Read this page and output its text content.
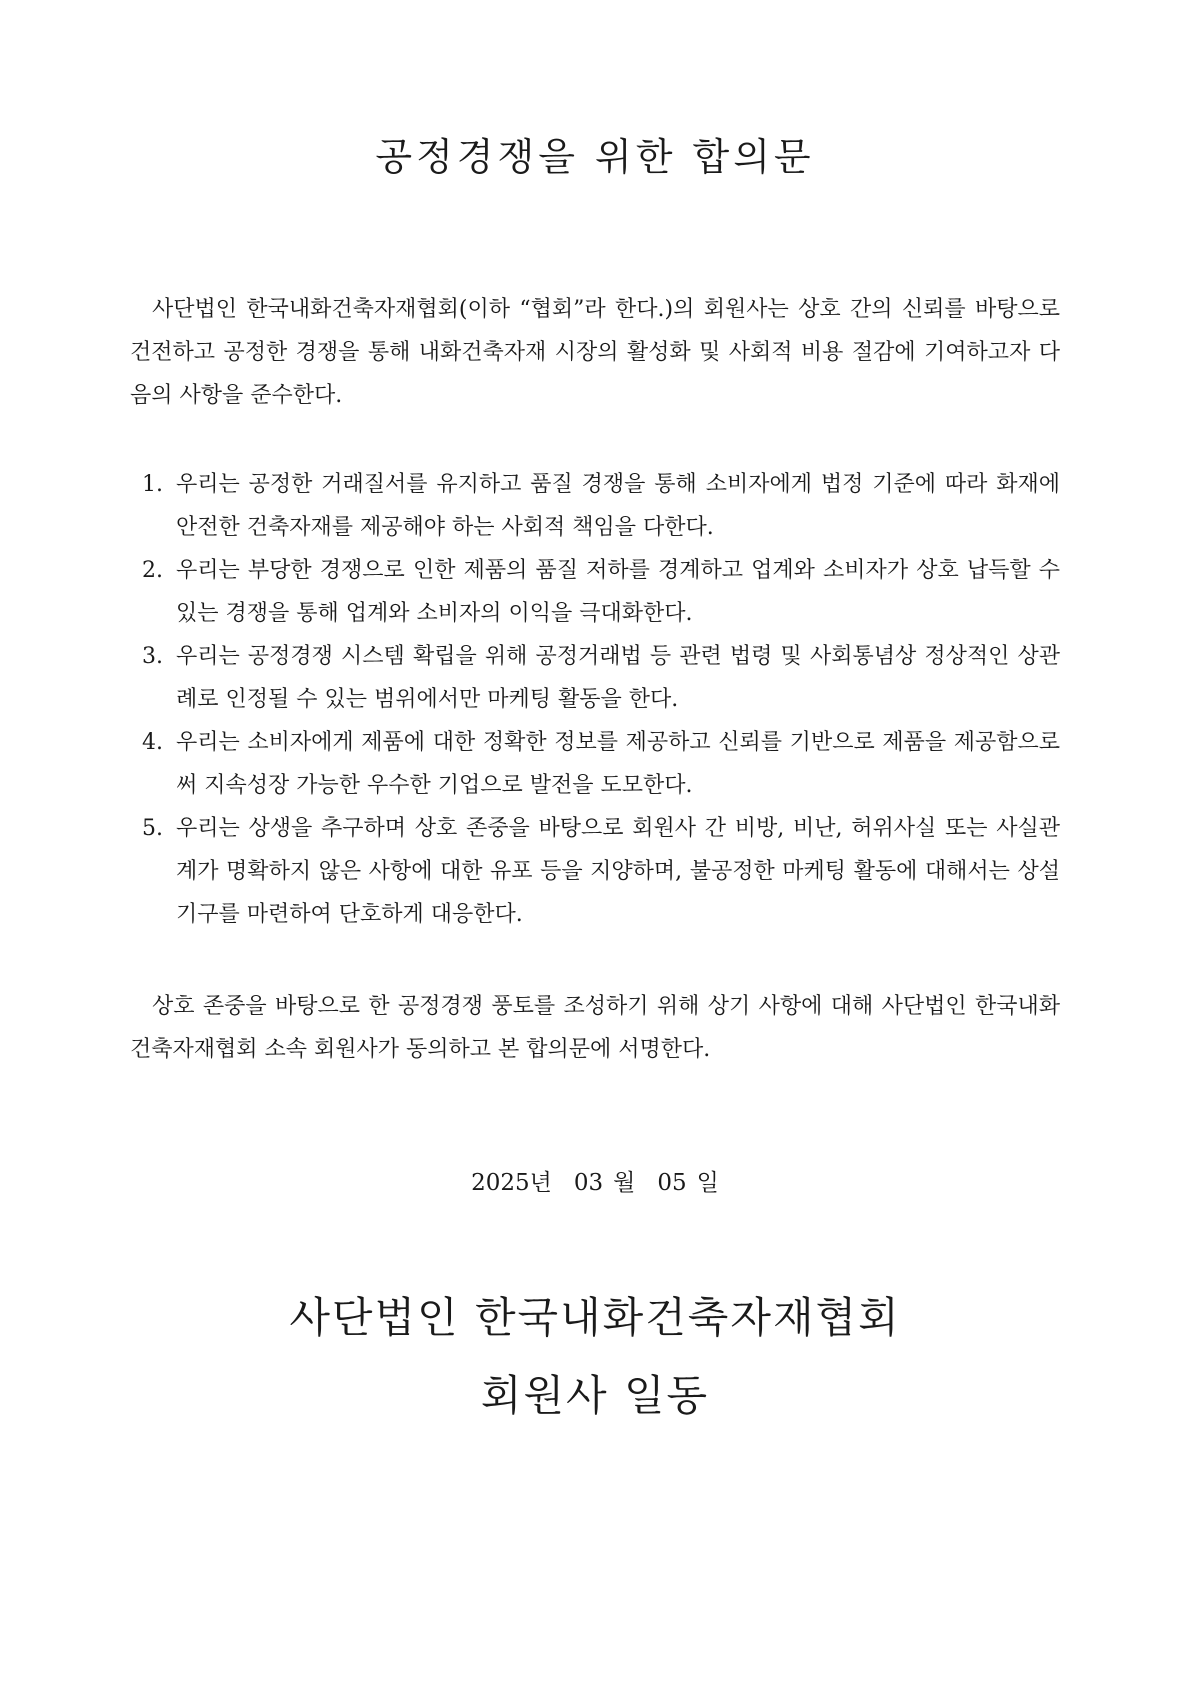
공정경쟁을 위한 합의문

사단법인 한국내화건축자재협회(이하 “협회”라 한다.)의 회원사는 상호 간의 신뢰를 바탕으로 건전하고 공정한 경쟁을 통해 내화건축자재 시장의 활성화 및 사회적 비용 절감에 기여하고자 다음의 사항을 준수한다.

1. 우리는 공정한 거래질서를 유지하고 품질 경쟁을 통해 소비자에게 법정 기준에 따라 화재에 안전한 건축자재를 제공해야 하는 사회적 책임을 다한다.
2. 우리는 부당한 경쟁으로 인한 제품의 품질 저하를 경계하고 업계와 소비자가 상호 납득할 수 있는 경쟁을 통해 업계와 소비자의 이익을 극대화한다.
3. 우리는 공정경쟁 시스템 확립을 위해 공정거래법 등 관련 법령 및 사회통념상 정상적인 상관례로 인정될 수 있는 범위에서만 마케팅 활동을 한다.
4. 우리는 소비자에게 제품에 대한 정확한 정보를 제공하고 신뢰를 기반으로 제품을 제공함으로써 지속성장 가능한 우수한 기업으로 발전을 도모한다.
5. 우리는 상생을 추구하며 상호 존중을 바탕으로 회원사 간 비방, 비난, 허위사실 또는 사실관계가 명확하지 않은 사항에 대한 유포 등을 지양하며, 불공정한 마케팅 활동에 대해서는 상설기구를 마련하여 단호하게 대응한다.

상호 존중을 바탕으로 한 공정경쟁 풍토를 조성하기 위해 상기 사항에 대해 사단법인 한국내화건축자재협회 소속 회원사가 동의하고 본 합의문에 서명한다.

2025년 03 월 05 일
사단법인 한국내화건축자재협회
회원사 일동
